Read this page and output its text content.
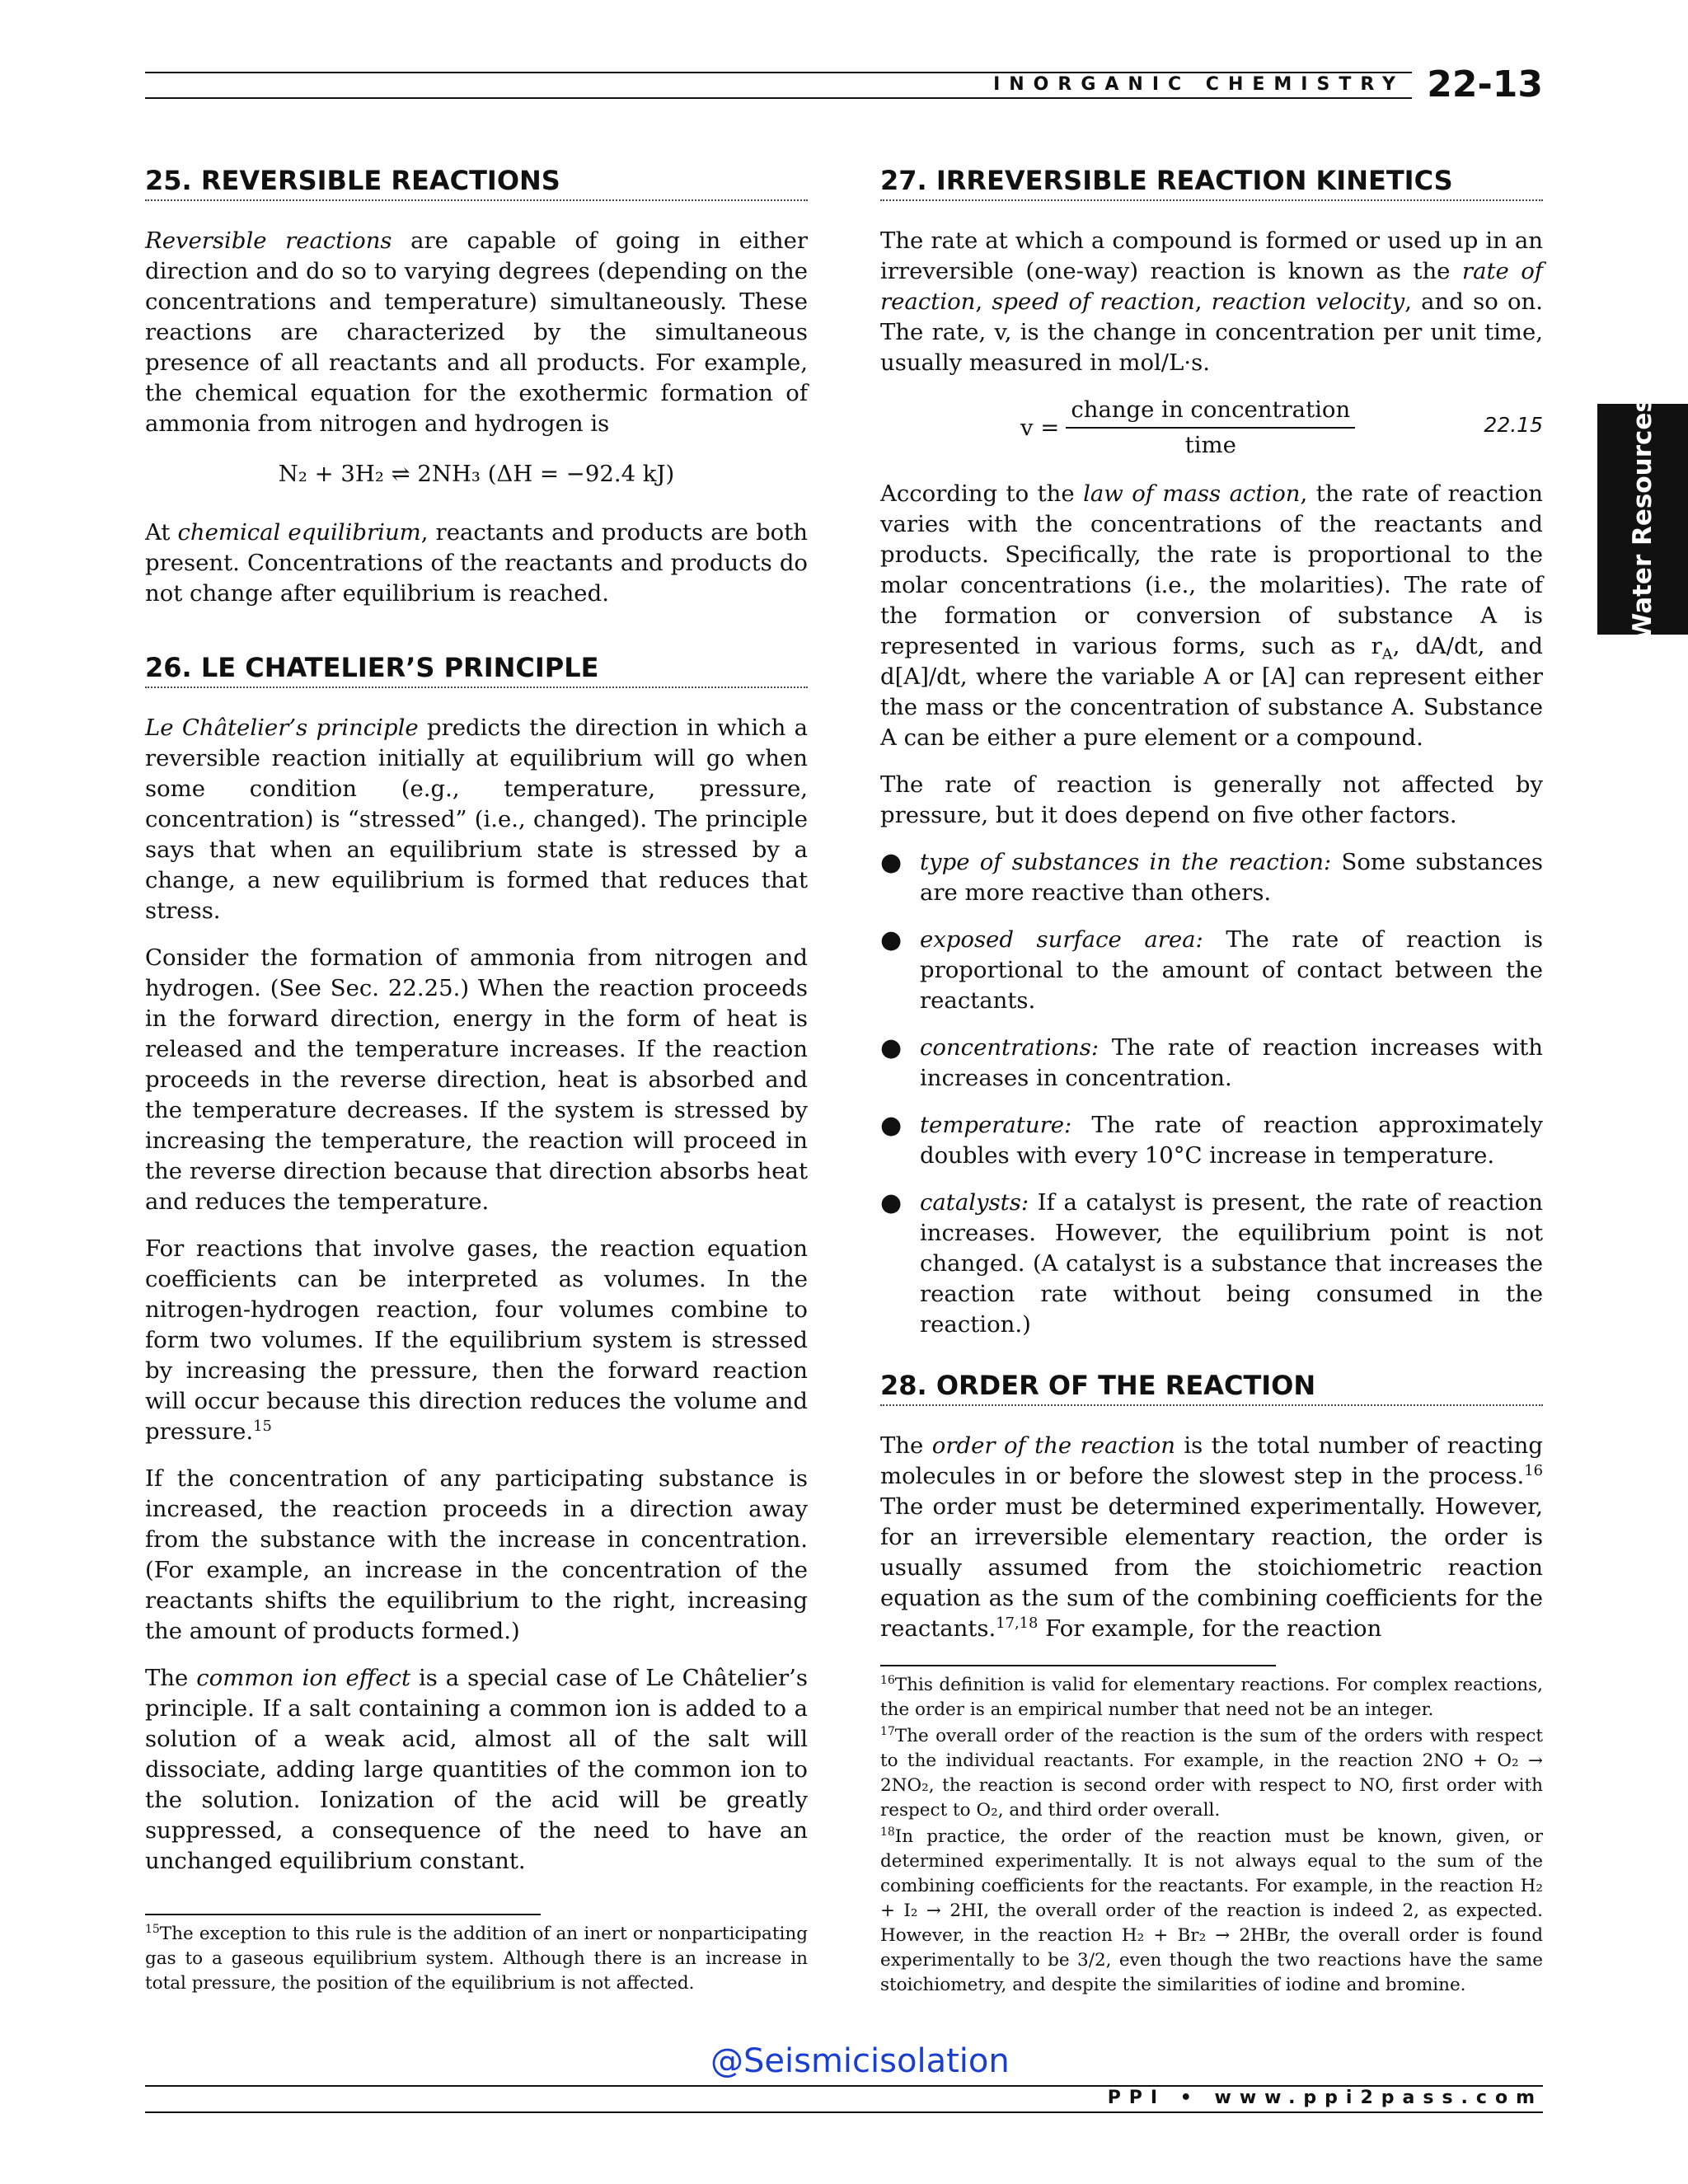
INORGANIC CHEMISTRY 22-13
Water Resources
25. REVERSIBLE REACTIONS

Reversible reactions are capable of going in either direction and do so to varying degrees (depending on the concentrations and temperature) simultaneously. These reactions are characterized by the simultaneous presence of all reactants and all products. For example, the chemical equation for the exothermic formation of ammonia from nitrogen and hydrogen is

N₂ + 3H₂ ⇌ 2NH₃ (ΔH = −92.4 kJ)

At chemical equilibrium, reactants and products are both present. Concentrations of the reactants and products do not change after equilibrium is reached.

26. LE CHATELIER’S PRINCIPLE

Le Châtelier’s principle predicts the direction in which a reversible reaction initially at equilibrium will go when some condition (e.g., temperature, pressure, concentration) is “stressed” (i.e., changed). The principle says that when an equilibrium state is stressed by a change, a new equilibrium is formed that reduces that stress.

Consider the formation of ammonia from nitrogen and hydrogen. (See Sec. 22.25.) When the reaction proceeds in the forward direction, energy in the form of heat is released and the temperature increases. If the reaction proceeds in the reverse direction, heat is absorbed and the temperature decreases. If the system is stressed by increasing the temperature, the reaction will proceed in the reverse direction because that direction absorbs heat and reduces the temperature.

For reactions that involve gases, the reaction equation coefficients can be interpreted as volumes. In the nitrogen-hydrogen reaction, four volumes combine to form two volumes. If the equilibrium system is stressed by increasing the pressure, then the forward reaction will occur because this direction reduces the volume and pressure.$^{15}$

If the concentration of any participating substance is increased, the reaction proceeds in a direction away from the substance with the increase in concentration. (For example, an increase in the concentration of the reactants shifts the equilibrium to the right, increasing the amount of products formed.)

The common ion effect is a special case of Le Châtelier’s principle. If a salt containing a common ion is added to a solution of a weak acid, almost all of the salt will dissociate, adding large quantities of the common ion to the solution. Ionization of the acid will be greatly suppressed, a consequence of the need to have an unchanged equilibrium constant.

27. IRREVERSIBLE REACTION KINETICS

The rate at which a compound is formed or used up in an irreversible (one-way) reaction is known as the rate of reaction, speed of reaction, reaction velocity, and so on. The rate, v, is the change in concentration per unit time, usually measured in mol/L·s.

$v = \frac{\text{change in concentration}}{\text{time}}$	22.15

According to the law of mass action, the rate of reaction varies with the concentrations of the reactants and products. Specifically, the rate is proportional to the molar concentrations (i.e., the molarities). The rate of the formation or conversion of substance A is represented in various forms, such as $r_A$, dA/dt, and d[A]/dt, where the variable A or [A] can represent either the mass or the concentration of substance A. Substance A can be either a pure element or a compound.

The rate of reaction is generally not affected by pressure, but it does depend on five other factors.

● type of substances in the reaction: Some substances are more reactive than others.
● exposed surface area: The rate of reaction is proportional to the amount of contact between the reactants.
● concentrations: The rate of reaction increases with increases in concentration.
● temperature: The rate of reaction approximately doubles with every 10°C increase in temperature.
● catalysts: If a catalyst is present, the rate of reaction increases. However, the equilibrium point is not changed. (A catalyst is a substance that increases the reaction rate without being consumed in the reaction.)
28. ORDER OF THE REACTION

The order of the reaction is the total number of reacting molecules in or before the slowest step in the process.$^{16}$ The order must be determined experimentally. However, for an irreversible elementary reaction, the order is usually assumed from the stoichiometric reaction equation as the sum of the combining coefficients for the reactants.$^{17,18}$ For example, for the reaction

$^{15}$The exception to this rule is the addition of an inert or nonparticipating gas to a gaseous equilibrium system. Although there is an increase in total pressure, the position of the equilibrium is not affected.

$^{16}$This definition is valid for elementary reactions. For complex reactions, the order is an empirical number that need not be an integer.

$^{17}$The overall order of the reaction is the sum of the orders with respect to the individual reactants. For example, in the reaction 2NO + O₂ → 2NO₂, the reaction is second order with respect to NO, first order with respect to O₂, and third order overall.

$^{18}$In practice, the order of the reaction must be known, given, or determined experimentally. It is not always equal to the sum of the combining coefficients for the reactants. For example, in the reaction H₂ + I₂ → 2HI, the overall order of the reaction is indeed 2, as expected. However, in the reaction H₂ + Br₂ → 2HBr, the overall order is found experimentally to be 3/2, even though the two reactions have the same stoichiometry, and despite the similarities of iodine and bromine.

@Seismicisolation
PPI • www.ppi2pass.com
